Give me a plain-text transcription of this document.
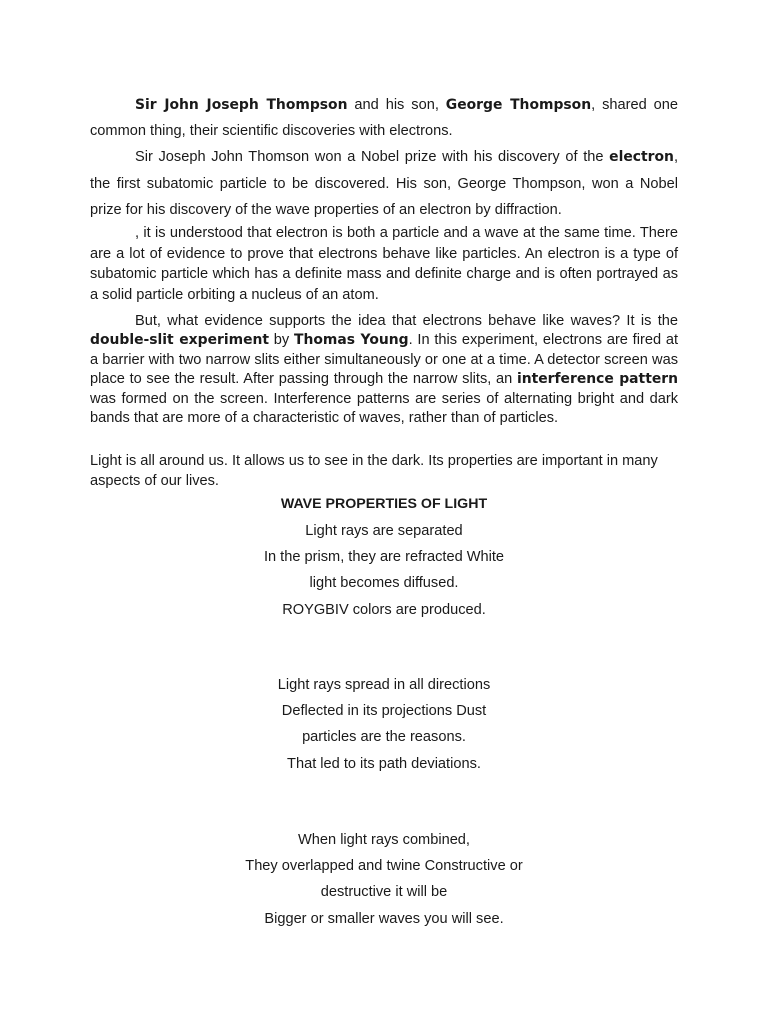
Sir John Joseph Thompson and his son, George Thompson, shared one common thing, their scientific discoveries with electrons.

Sir Joseph John Thomson won a Nobel prize with his discovery of the electron, the first subatomic particle to be discovered. His son, George Thompson, won a Nobel prize for his discovery of the wave properties of an electron by diffraction.

, it is understood that electron is both a particle and a wave at the same time. There are a lot of evidence to prove that electrons behave like particles. An electron is a type of subatomic particle which has a definite mass and definite charge and is often portrayed as a solid particle orbiting a nucleus of an atom.

But, what evidence supports the idea that electrons behave like waves? It is the double-slit experiment by Thomas Young. In this experiment, electrons are fired at a barrier with two narrow slits either simultaneously or one at a time. A detector screen was place to see the result. After passing through the narrow slits, an interference pattern was formed on the screen. Interference patterns are series of alternating bright and dark bands that are more of a characteristic of waves, rather than of particles.

Light is all around us. It allows us to see in the dark. Its properties are important in many aspects of our lives.

WAVE PROPERTIES OF LIGHT
Light rays are separated
In the prism, they are refracted White
light becomes diffused.
ROYGBIV colors are produced.
Light rays spread in all directions
Deflected in its projections Dust
particles are the reasons.
That led to its path deviations.
When light rays combined,
They overlapped and twine Constructive or
destructive it will be
Bigger or smaller waves you will see.
